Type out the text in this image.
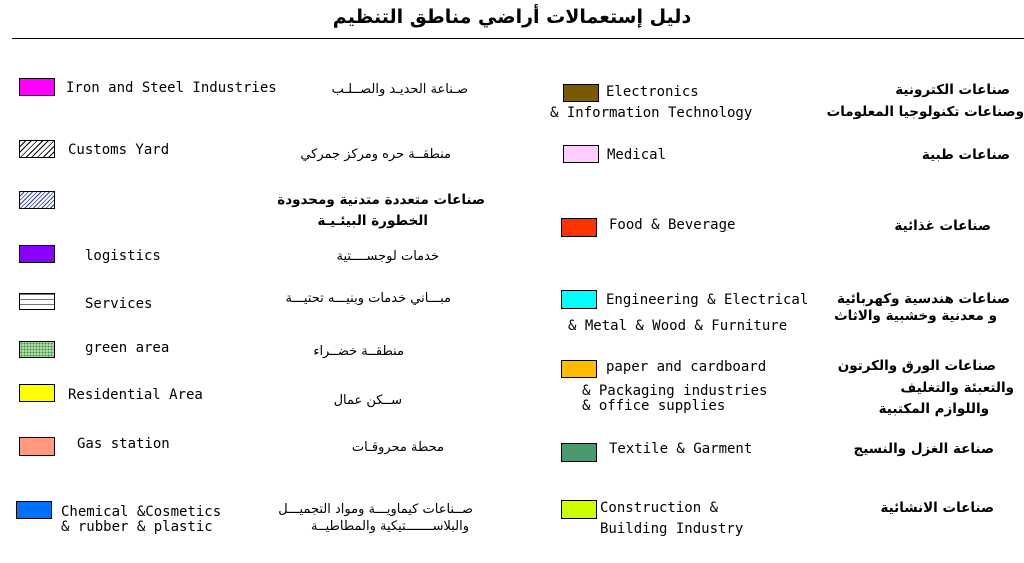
دليل إستعمالات أراضي مناطق التنظيم
Iron and Steel Industries	صـناعة الحديـد والصــلـب
Customs Yard	منطقــة حره ومركز جمركي
صناعات متعددة متدنية ومحدودة
الخطورة البيئـيـة
logistics	خدمات لوجســــتية
Services	مبـــاني خدمات وبنيـــه تحتيـــة
green area	منطقــة خضــراء
Residential Area	ســكن عمال
Gas station	محطة محروقـات
Chemical &Cosmetics
& rubber & plastic
صــناعات كيماويـــة ومواد التجميـــل
والبلاســـــــتيكية والمطاطيــة
Electronics
& Information Technology
صناعات الكترونية
وصناعات تكنولوجيا المعلومات
Medical	صناعات طبية
Food & Beverage	صناعات غذائية
Engineering & Electrical
& Metal & Wood & Furniture
صناعات هندسية وكهربائية
و معدنية وخشبية والاثاث
paper and cardboard
& Packaging industries
& office supplies
صناعات الورق والكرتون
والتعبئة والتغليف
واللوازم المكتبية
Textile & Garment	صناعة الغزل والنسيج
Construction &
Building Industry
صناعات الانشائية
